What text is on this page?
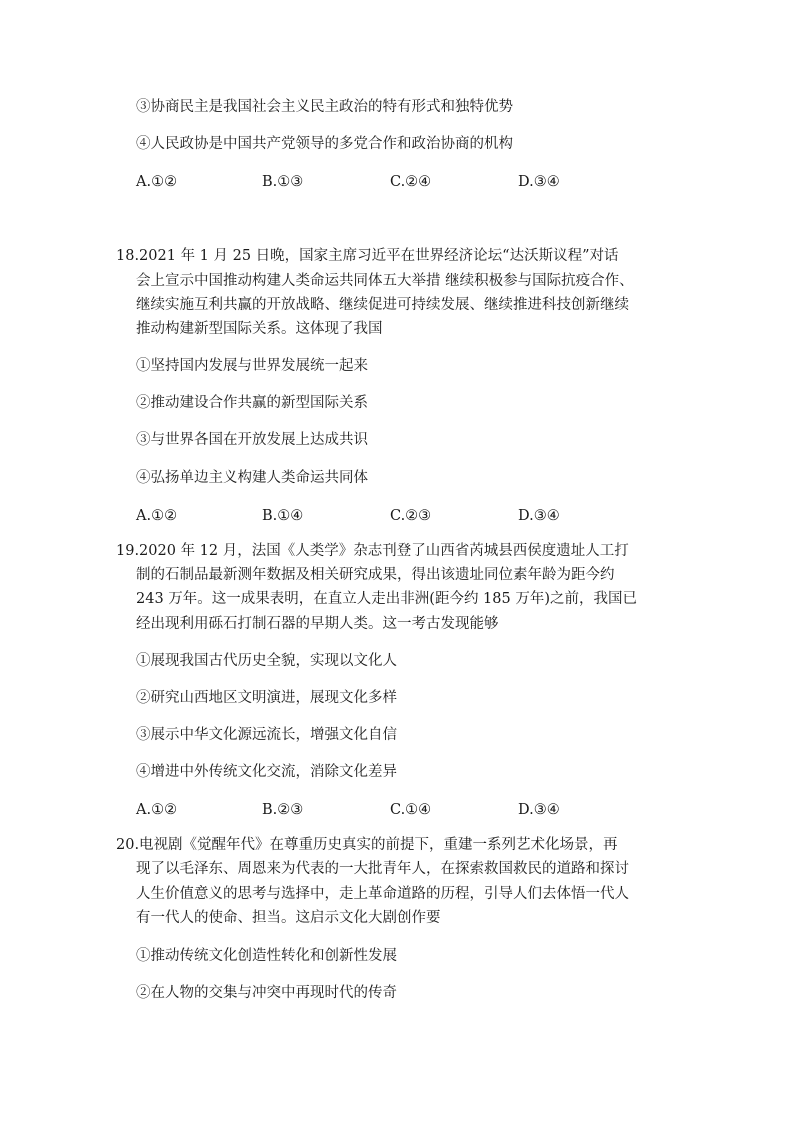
③协商民主是我国社会主义民主政治的特有形式和独特优势
④人民政协是中国共产党领导的多党合作和政治协商的机构
A.①②	B.①③	C.②④	D.③④
18.2021 年 1 月 25 日晚，国家主席习近平在世界经济论坛“达沃斯议程”对话
会上宣示中国推动构建人类命运共同体五大举措 继续积极参与国际抗疫合作、
继续实施互利共赢的开放战略、继续促进可持续发展、继续推进科技创新继续
推动构建新型国际关系。这体现了我国
①坚持国内发展与世界发展统一起来
②推动建设合作共赢的新型国际关系
③与世界各国在开放发展上达成共识
④弘扬单边主义构建人类命运共同体
A.①②	B.①④	C.②③	D.③④
19.2020 年 12 月，法国《人类学》杂志刊登了山西省芮城县西侯度遗址人工打
制的石制品最新测年数据及相关研究成果，得出该遗址同位素年龄为距今约
243 万年。这一成果表明，在直立人走出非洲(距今约 185 万年)之前，我国已
经出现利用砾石打制石器的早期人类。这一考古发现能够
①展现我国古代历史全貌，实现以文化人
②研究山西地区文明演进，展现文化多样
③展示中华文化源远流长，增强文化自信
④增进中外传统文化交流，消除文化差异
A.①②	B.②③	C.①④	D.③④
20.电视剧《觉醒年代》在尊重历史真实的前提下，重建一系列艺术化场景，再
现了以毛泽东、周恩来为代表的一大批青年人，在探索救国救民的道路和探讨
人生价值意义的思考与选择中，走上革命道路的历程，引导人们去体悟一代人
有一代人的使命、担当。这启示文化大剧创作要
①推动传统文化创造性转化和创新性发展
②在人物的交集与冲突中再现时代的传奇
